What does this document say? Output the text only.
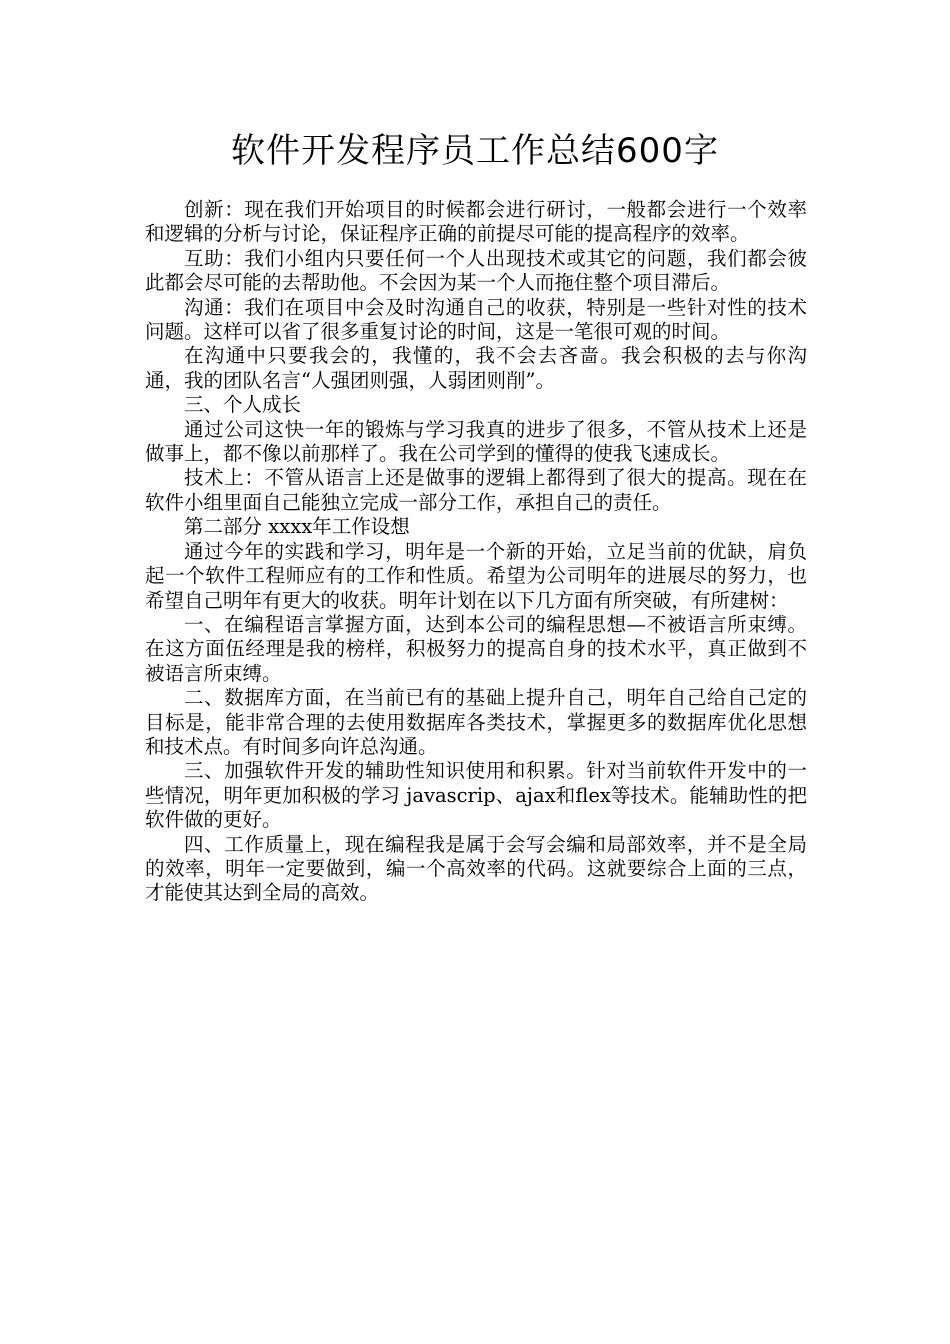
软件开发程序员工作总结600字

创新：现在我们开始项目的时候都会进行研讨，一般都会进行一个效率和逻辑的分析与讨论，保证程序正确的前提尽可能的提高程序的效率。

互助：我们小组内只要任何一个人出现技术或其它的问题，我们都会彼此都会尽可能的去帮助他。不会因为某一个人而拖住整个项目滞后。

沟通：我们在项目中会及时沟通自己的收获，特别是一些针对性的技术问题。这样可以省了很多重复讨论的时间，这是一笔很可观的时间。

在沟通中只要我会的，我懂的，我不会去吝啬。我会积极的去与你沟通，我的团队名言“人强团则强，人弱团则削”。

三、个人成长

通过公司这快一年的锻炼与学习我真的进步了很多，不管从技术上还是做事上，都不像以前那样了。我在公司学到的懂得的使我飞速成长。

技术上：不管从语言上还是做事的逻辑上都得到了很大的提高。现在在软件小组里面自己能独立完成一部分工作，承担自己的责任。

第二部分 xxxx年工作设想

通过今年的实践和学习，明年是一个新的开始，立足当前的优缺，肩负起一个软件工程师应有的工作和性质。希望为公司明年的进展尽的努力，也希望自己明年有更大的收获。明年计划在以下几方面有所突破，有所建树：

一、在编程语言掌握方面，达到本公司的编程思想—不被语言所束缚。 在这方面伍经理是我的榜样，积极努力的提高自身的技术水平，真正做到不被语言所束缚。

二、数据库方面，在当前已有的基础上提升自己，明年自己给自己定的目标是，能非常合理的去使用数据库各类技术，掌握更多的数据库优化思想和技术点。有时间多向许总沟通。

三、加强软件开发的辅助性知识使用和积累。针对当前软件开发中的一些情况，明年更加积极的学习 javascrip、ajax和flex等技术。能辅助性的把软件做的更好。

四、工作质量上，现在编程我是属于会写会编和局部效率，并不是全局的效率，明年一定要做到，编一个高效率的代码。这就要综合上面的三点，才能使其达到全局的高效。
